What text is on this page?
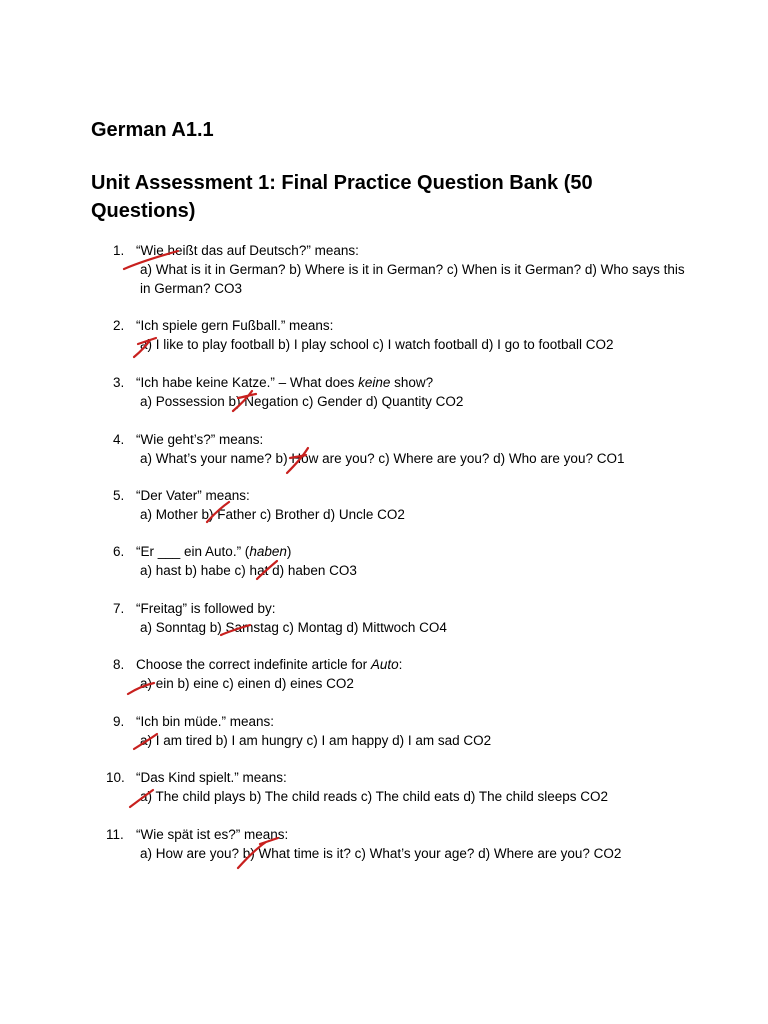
German A1.1
Unit Assessment 1: Final Practice Question Bank (50 Questions)
1. “Wie heißt das auf Deutsch?” means:
a) What is it in German? b) Where is it in German? c) When is it German? d) Who says this in German? CO3
2. “Ich spiele gern Fußball.” means:
a) I like to play football b) I play school c) I watch football d) I go to football CO2
3. “Ich habe keine Katze.” – What does keine show?
a) Possession b) Negation c) Gender d) Quantity CO2
4. “Wie geht’s?” means:
a) What’s your name? b) How are you? c) Where are you? d) Who are you? CO1
5. “Der Vater” means:
a) Mother b) Father c) Brother d) Uncle CO2
6. “Er ___ ein Auto.” (haben)
a) hast b) habe c) hat d) haben CO3
7. “Freitag” is followed by:
a) Sonntag b) Samstag c) Montag d) Mittwoch CO4
8. Choose the correct indefinite article for Auto:
a) ein b) eine c) einen d) eines CO2
9. “Ich bin müde.” means:
a) I am tired b) I am hungry c) I am happy d) I am sad CO2
10. “Das Kind spielt.” means:
a) The child plays b) The child reads c) The child eats d) The child sleeps CO2
11. “Wie spät ist es?” means:
a) How are you? b) What time is it? c) What’s your age? d) Where are you? CO2
